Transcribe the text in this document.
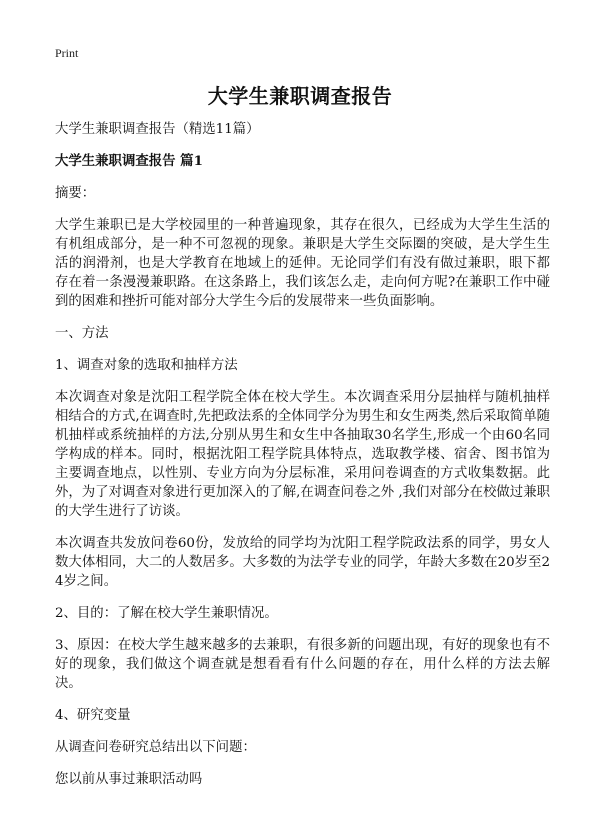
Print
大学生兼职调查报告

大学生兼职调查报告（精选11篇）

大学生兼职调查报告 篇1

摘要：

大学生兼职已是大学校园里的一种普遍现象，其存在很久，已经成为大学生生活的有机组成部分，是一种不可忽视的现象。兼职是大学生交际圈的突破，是大学生生活的润滑剂，也是大学教育在地域上的延伸。无论同学们有没有做过兼职，眼下都存在着一条漫漫兼职路。在这条路上，我们该怎么走，走向何方呢?在兼职工作中碰到的困难和挫折可能对部分大学生今后的发展带来一些负面影响。

一、方法

1、调查对象的选取和抽样方法

本次调查对象是沈阳工程学院全体在校大学生。本次调查采用分层抽样与随机抽样相结合的方式,在调查时,先把政法系的全体同学分为男生和女生两类,然后采取简单随机抽样或系统抽样的方法,分别从男生和女生中各抽取30名学生,形成一个由60名同学构成的样本。同时，根据沈阳工程学院具体特点，选取教学楼、宿舍、图书馆为主要调查地点，以性别、专业方向为分层标准，采用问卷调查的方式收集数据。此外，为了对调查对象进行更加深入的了解,在调查问卷之外 ,我们对部分在校做过兼职的大学生进行了访谈。

本次调查共发放问卷60份，发放给的同学均为沈阳工程学院政法系的同学，男女人数大体相同，大二的人数居多。大多数的为法学专业的同学，年龄大多数在20岁至24岁之间。

2、目的：了解在校大学生兼职情况。

3、原因：在校大学生越来越多的去兼职，有很多新的问题出现，有好的现象也有不好的现象，我们做这个调查就是想看看有什么问题的存在，用什么样的方法去解决。

4、研究变量

从调查问卷研究总结出以下问题：

您以前从事过兼职活动吗
